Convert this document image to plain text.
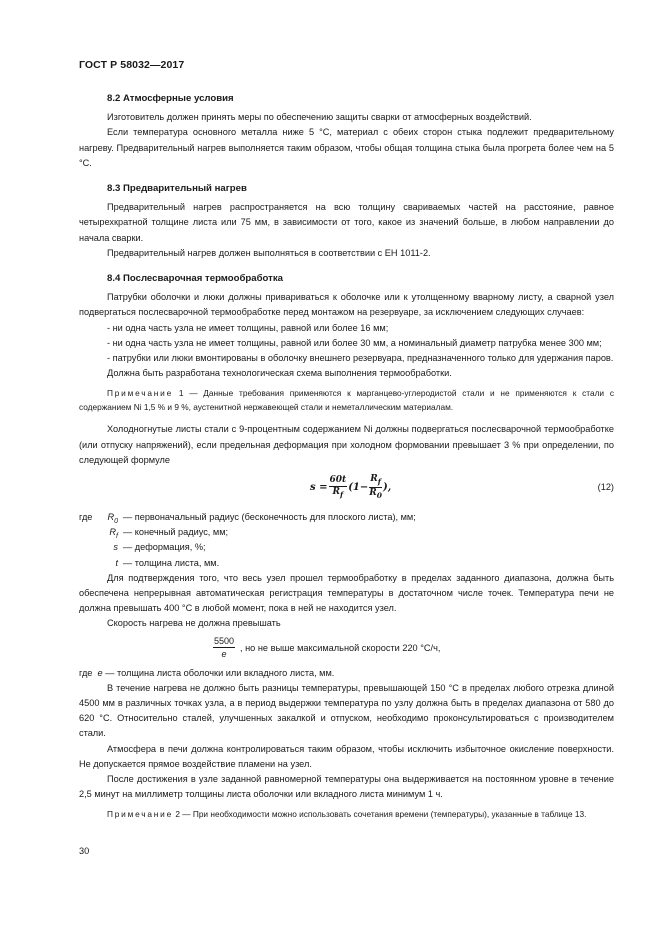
ГОСТ Р 58032—2017
8.2 Атмосферные условия

Изготовитель должен принять меры по обеспечению защиты сварки от атмосферных воздействий.

Если температура основного металла ниже 5 °С, материал с обеих сторон стыка подлежит предварительному нагреву. Предварительный нагрев выполняется таким образом, чтобы общая толщина стыка была прогрета более чем на 5 °С.

8.3 Предварительный нагрев

Предварительный нагрев распространяется на всю толщину свариваемых частей на расстояние, равное четырехкратной толщине листа или 75 мм, в зависимости от того, какое из значений больше, в любом направлении до начала сварки.

Предварительный нагрев должен выполняться в соответствии с ЕН 1011-2.

8.4 Послесварочная термообработка

Патрубки оболочки и люки должны привариваться к оболочке или к утолщенному вварному листу, а сварной узел подвергаться послесварочной термообработке перед монтажом на резервуаре, за исключением следующих случаев:

- ни одна часть узла не имеет толщины, равной или более 16 мм;

- ни одна часть узла не имеет толщины, равной или более 30 мм, а номинальный диаметр патрубка менее 300 мм;

- патрубки или люки вмонтированы в оболочку внешнего резервуара, предназначенного только для удержания паров.

Должна быть разработана технологическая схема выполнения термообработки.

Примечание 1 — Данные требования применяются к марганцево-углеродистой стали и не применяются к стали с содержанием Ni 1,5 % и 9 %, аустенитной нержавеющей стали и неметаллическим материалам.

Холодногнутые листы стали с 9-процентным содержанием Ni должны подвергаться послесварочной термообработке (или отпуску напряжений), если предельная деформация при холодном формовании превышает 3 % при определении, по следующей формуле

$s = \frac{60t}{R_f} (1- \frac{R_f}{R_0}$ ),	(12)
где	$R_0$ — первоначальный радиус (бесконечность для плоского листа), мм;
$R_f$ — конечный радиус, мм;
s — деформация, %;
t — толщина листа, мм.

Для подтверждения того, что весь узел прошел термообработку в пределах заданного диапазона, должна быть обеспечена непрерывная автоматическая регистрация температуры в достаточном числе точек. Температура печи не должна превышать 400 °С в любой момент, пока в ней не находится узел.

Скорость нагрева не должна превышать

$\frac{5500}{e}$ , но не выше максимальной скорости 220 °С/ч,

где e — толщина листа оболочки или вкладного листа, мм.

В течение нагрева не должно быть разницы температуры, превышающей 150 °С в пределах любого отрезка длиной 4500 мм в различных точках узла, а в период выдержки температура по узлу должна быть в пределах диапазона от 580 до 620 °С. Относительно сталей, улучшенных закалкой и отпуском, необходимо проконсультироваться с производителем стали.

Атмосфера в печи должна контролироваться таким образом, чтобы исключить избыточное окисление поверхности. Не допускается прямое воздействие пламени на узел.

После достижения в узле заданной равномерной температуры она выдерживается на постоянном уровне в течение 2,5 минут на миллиметр толщины листа оболочки или вкладного листа минимум 1 ч.

Примечание 2 — При необходимости можно использовать сочетания времени (температуры), указанные в таблице 13.

30
